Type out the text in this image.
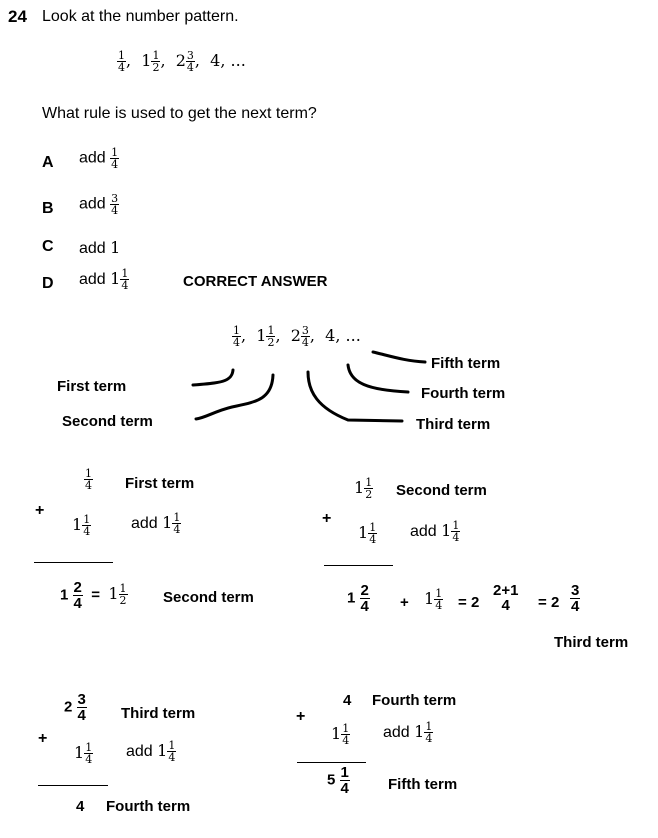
24 Look at the number pattern.
$\frac{1}{4}$ ,  $1 \frac{1}{2}$ ,  $2 \frac{3}{4}$ ,  4, ...
What rule is used to get the next term?
A add $\frac{1}{4}$
B add $\frac{3}{4}$
C add 1
D add $1 \frac{1}{4}$	CORRECT ANSWER
$\frac{1}{4}$ ,  $1 \frac{1}{2}$ ,  $2 \frac{3}{4}$ ,  4, ...
First term
Second term	Third term
Fourth term
Fifth term
$\frac{1}{4}$ First term
+
$1 \frac{1}{4}$ add $1 \frac{1}{4}$
$1 \frac{2}{4} = 1 \frac{1}{2}$ Second term
$1 \frac{1}{2}$ Second term
+
$1 \frac{1}{4}$ add $1 \frac{1}{4}$
$1 \frac{2}{4} + 1 \frac{1}{4} = 2$
2+1
4	= $2 \frac{3}{4}$
Third term
$2 \frac{3}{4}$ Third term
+
$1 \frac{1}{4}$ add $1 \frac{1}{4}$
4 Fourth term
4 Fourth term
+
$1 \frac{1}{4}$ add $1 \frac{1}{4}$
$5 \frac{1}{4}$	Fifth term
